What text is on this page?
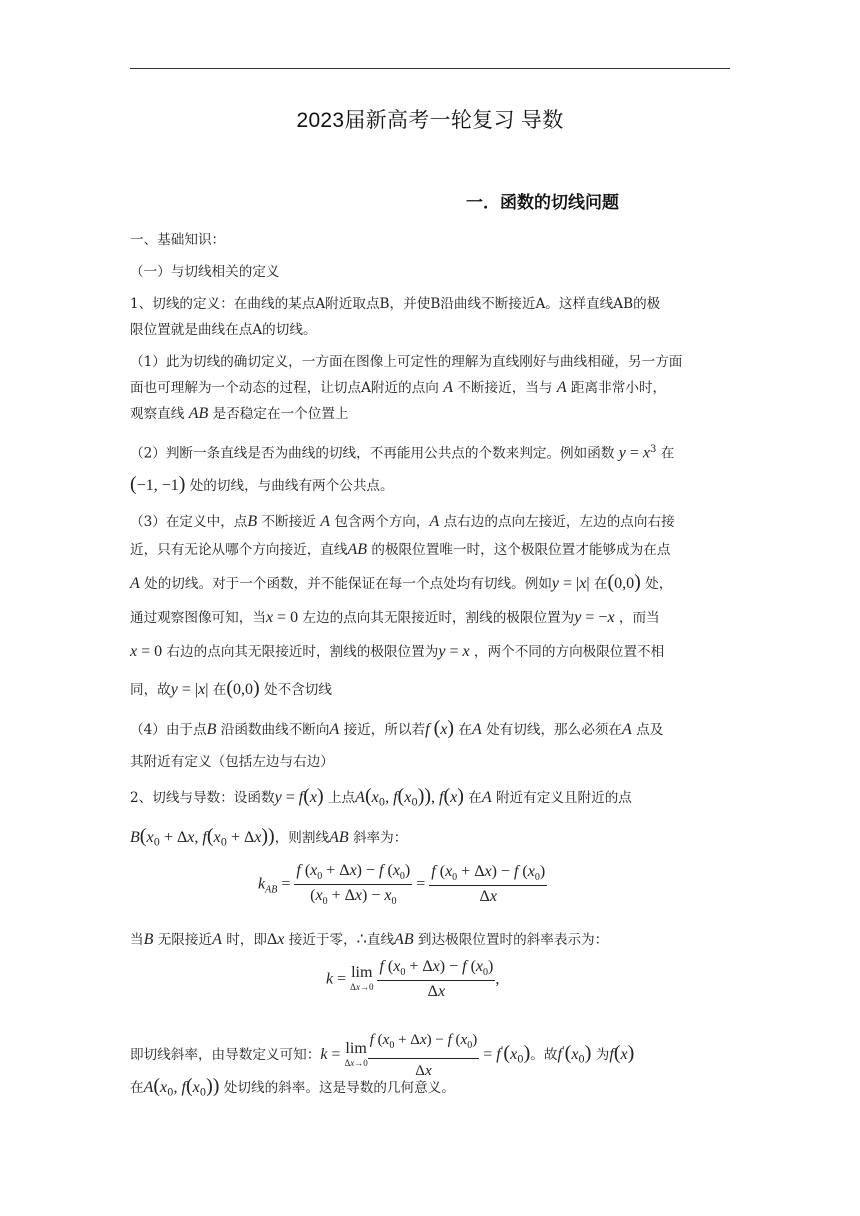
2023届新高考一轮复习 导数
一．函数的切线问题
一、基础知识：
（一）与切线相关的定义
1、切线的定义：在曲线的某点A附近取点B，并使B沿曲线不断接近A。这样直线AB的极
限位置就是曲线在点A的切线。
（1）此为切线的确切定义，一方面在图像上可定性的理解为直线刚好与曲线相碰，另一方面
面也可理解为一个动态的过程，让切点A附近的点向 A 不断接近，当与 A 距离非常小时，
观察直线 AB 是否稳定在一个位置上
（2）判断一条直线是否为曲线的切线，不再能用公共点的个数来判定。例如函数 $y = x^3$ 在
(−1, −1) 处的切线，与曲线有两个公共点。
（3）在定义中，点B 不断接近 A 包含两个方向，A 点右边的点向左接近，左边的点向右接
近，只有无论从哪个方向接近，直线AB 的极限位置唯一时，这个极限位置才能够成为在点
A 处的切线。对于一个函数，并不能保证在每一个点处均有切线。例如y = |x| 在(0,0) 处，
通过观察图像可知，当x = 0 左边的点向其无限接近时，割线的极限位置为y = −x ，而当
x = 0 右边的点向其无限接近时，割线的极限位置为y = x ，两个不同的方向极限位置不相
同，故y = |x| 在(0,0) 处不含切线
（4）由于点B 沿函数曲线不断向A 接近，所以若f (x) 在A 处有切线，那么必须在A 点及
其附近有定义（包括左边与右边）
2、切线与导数：设函数y = f(x) 上点$A(x_0$, $f(x_0)$), f(x) 在A 附近有定义且附近的点
$B(x_0 + \Delta x$, $f(x_0 + \Delta x)$)，则割线AB 斜率为：
$k_{AB} = \frac{f (x_0 + \Delta x) - f (x_0)}{(x_0 + \Delta x) - x_0} = \frac{f (x_0 + \Delta x) - f (x_0)}{\Delta x}$
当B 无限接近A 时，即Δx 接近于零，∴直线AB 到达极限位置时的斜率表示为：
k = lim
Δx→0
$\frac{f (x_0 + \Delta x) - f (x_0)}{\Delta x}$ ,
即切线斜率，由导数定义可知：k = lim
$\Delta x\to 0 \frac{f (x_0 + \Delta x) - f (x_0)}{\Delta x} = f'(x_0)$。故$f'(x_0)$ 为f(x)
在$A(x_0$, $f(x_0)$) 处切线的斜率。这是导数的几何意义。
